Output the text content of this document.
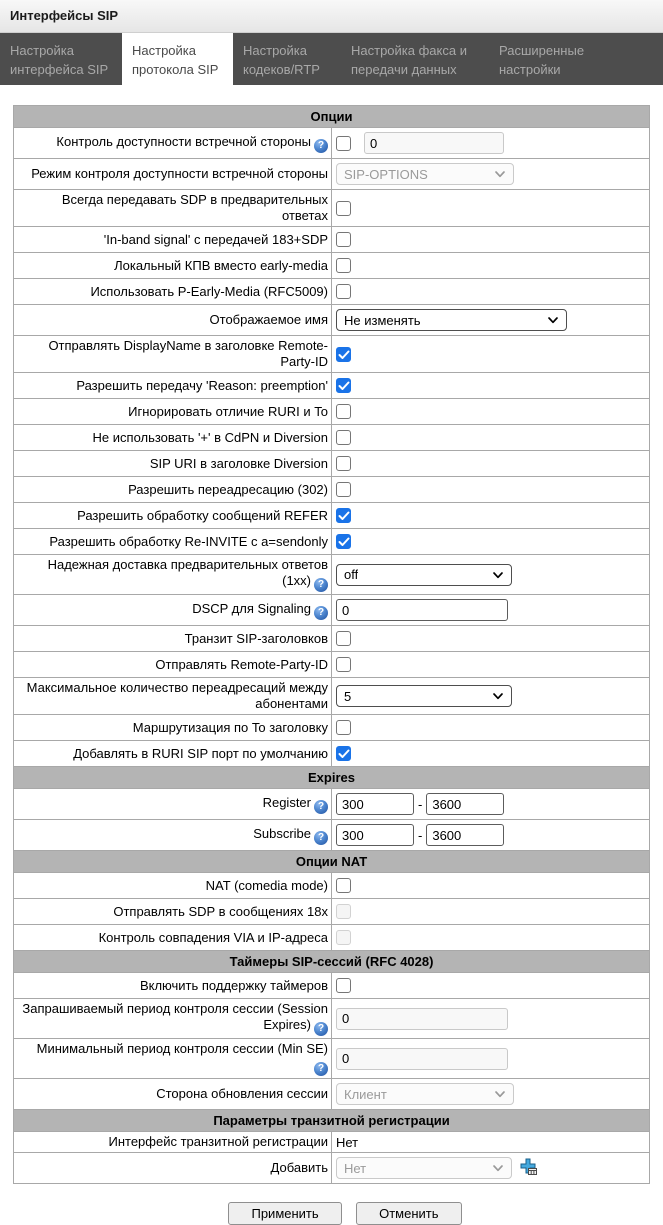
Интерфейсы SIP
Настройка интерфейса SIP
Настройка протокола SIP
Настройка кодеков/RTP
Настройка факса и передачи данных
Расширенные настройки
Опции	
Контроль доступности встречной стороны ?	0
Режим контроля доступности встречной стороны	SIP-OPTIONS

Всегда передавать SDP в предварительных ответах	
'In-band signal' с передачей 183+SDP	
Локальный КПВ вместо early-media	
Использовать P-Early-Media (RFC5009)	
Отображаемое имя	Не изменять

Отправлять DisplayName в заголовке Remote-Party-ID	

Разрешить передачу 'Reason: preemption'	

Игнорировать отличие RURI и To	
Не использовать '+' в CdPN и Diversion	
SIP URI в заголовке Diversion	
Разрешить переадресацию (302)	
Разрешить обработку сообщений REFER	

Разрешить обработку Re-INVITE с a=sendonly	

Надежная доставка предварительных ответов (1xx) ?	off

DSCP для Signaling ?	0
Транзит SIP-заголовков	
Отправлять Remote-Party-ID	
Максимальное количество переадресаций между абонентами	5

Маршрутизация по To заголовку	
Добавлять в RURI SIP порт по умолчанию	

Expires	
Register ?	300-3600
Subscribe ?	300-3600
Опции NAT	
NAT (comedia mode)	
Отправлять SDP в сообщениях 18x	
Контроль совпадения VIA и IP-адреса	
Таймеры SIP-сессий (RFC 4028)	
Включить поддержку таймеров	
Запрашиваемый период контроля сессии (Session Expires) ?	0
Минимальный период контроля сессии (Min SE)?	0
Сторона обновления сессии	Клиент

Параметры транзитной регистрации	
Интерфейс транзитной регистрации	Нет
Добавить	Нет
Применить	Отменить
